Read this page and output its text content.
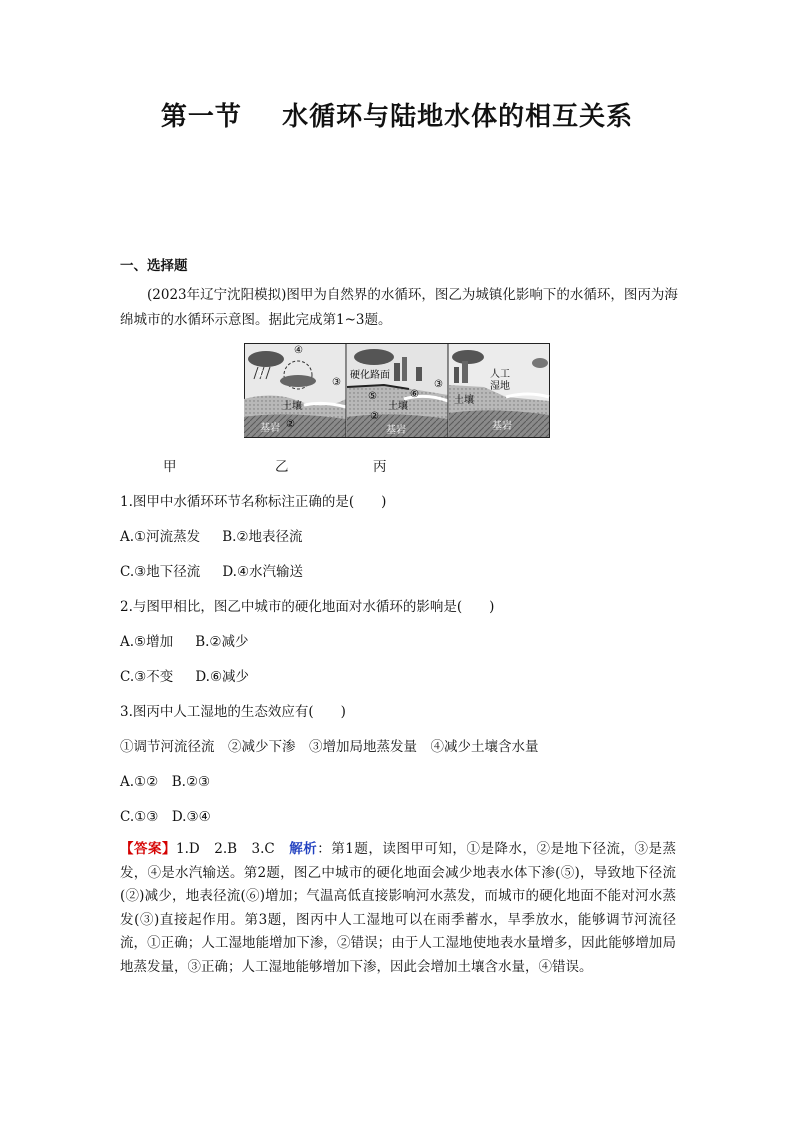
第一节    水循环与陆地水体的相互关系
一、选择题
(2023年辽宁沈阳模拟)图甲为自然界的水循环，图乙为城镇化影响下的水循环，图丙为海绵城市的水循环示意图。据此完成第1~3题。
④
①
③
②
土壤
基岩
硬化路面
⑤	⑥
③
②
土壤
基岩
人工
湿地
土壤
基岩
甲	乙	丙
1.图甲中水循环环节名称标注正确的是(　　)
A.①河流蒸发　  B.②地表径流
C.③地下径流　  D.④水汽输送
2.与图甲相比，图乙中城市的硬化地面对水循环的影响是(　　)
A.⑤增加　  B.②减少
C.③不变　  D.⑥减少
3.图丙中人工湿地的生态效应有(　　)
①调节河流径流　②减少下渗　③增加局地蒸发量　④减少土壤含水量
A.①②　B.②③
C.①③　D.③④
【答案】1.D　2.B　3.C　解析：第1题，读图甲可知，①是降水，②是地下径流，③是蒸发，④是水汽输送。第2题，图乙中城市的硬化地面会减少地表水体下渗(⑤)，导致地下径流(②)减少，地表径流(⑥)增加；气温高低直接影响河水蒸发，而城市的硬化地面不能对河水蒸发(③)直接起作用。第3题，图丙中人工湿地可以在雨季蓄水，旱季放水，能够调节河流径流，①正确；人工湿地能增加下渗，②错误；由于人工湿地使地表水量增多，因此能够增加局地蒸发量，③正确；人工湿地能够增加下渗，因此会增加土壤含水量，④错误。
